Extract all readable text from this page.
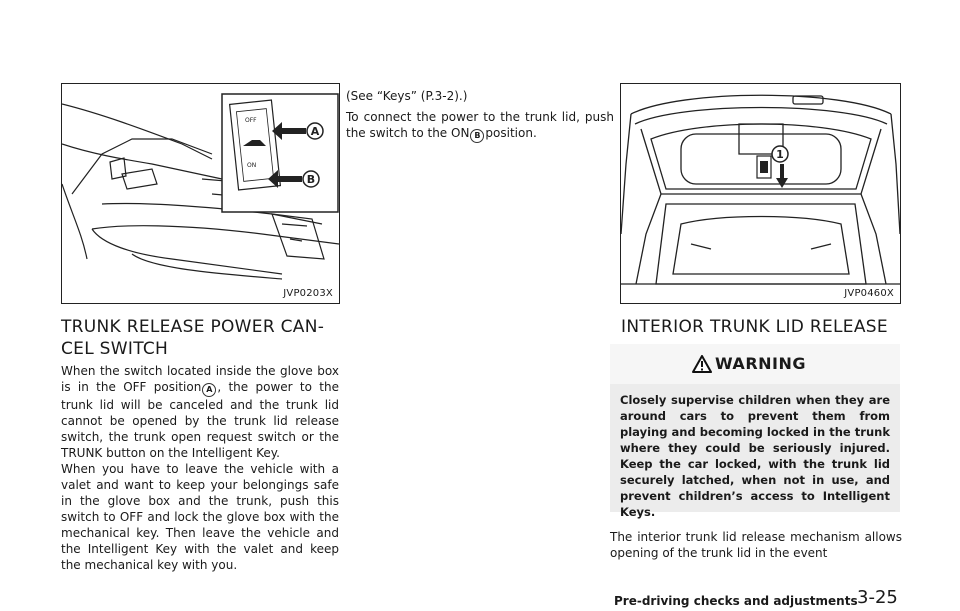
OFF
ON
A
B
JVP0203X
TRUNK RELEASE POWER CAN-
CEL SWITCH

When the switch located inside the glove box is in the OFF position A , the power to the trunk lid will be canceled and the trunk lid cannot be opened by the trunk lid release switch, the trunk open request switch or the TRUNK button on the Intelligent Key.

When you have to leave the vehicle with a valet and want to keep your belongings safe in the glove box and the trunk, push this switch to OFF and lock the glove box with the mechanical key. Then leave the vehicle and the Intelligent Key with the valet and keep the mechanical key with you.

(See “Keys” (P.3-2).)

To connect the power to the trunk lid, push the switch to the ON B position.

1
JVP0460X
INTERIOR TRUNK LID RELEASE
WARNING

Closely supervise children when they are around cars to prevent them from playing and becoming locked in the trunk where they could be seriously injured. Keep the car locked, with the trunk lid securely latched, when not in use, and prevent children’s access to Intelligent Keys.

The interior trunk lid release mechanism allows opening of the trunk lid in the event

Pre-driving checks and adjustments 3-25
